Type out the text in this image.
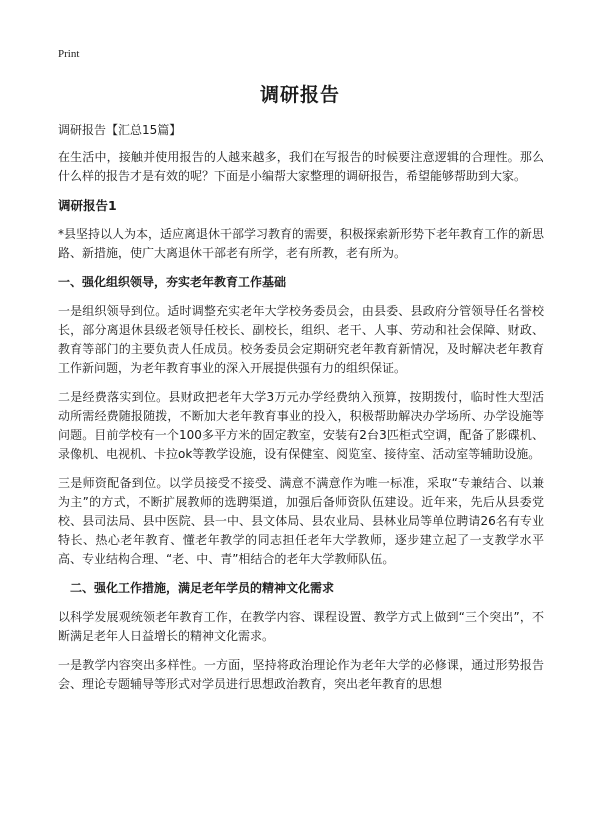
Print
调研报告

调研报告【汇总15篇】

在生活中，接触并使用报告的人越来越多，我们在写报告的时候要注意逻辑的合理性。那么什么样的报告才是有效的呢？下面是小编帮大家整理的调研报告，希望能够帮助到大家。

调研报告1

*县坚持以人为本，适应离退休干部学习教育的需要，积极探索新形势下老年教育工作的新思路、新措施，使广大离退休干部老有所学，老有所教，老有所为。

一、强化组织领导，夯实老年教育工作基础

一是组织领导到位。适时调整充实老年大学校务委员会，由县委、县政府分管领导任名誉校长，部分离退休县级老领导任校长、副校长，组织、老干、人事、劳动和社会保障、财政、教育等部门的主要负责人任成员。校务委员会定期研究老年教育新情况，及时解决老年教育工作新问题，为老年教育事业的深入开展提供强有力的组织保证。

二是经费落实到位。县财政把老年大学3万元办学经费纳入预算，按期拨付，临时性大型活动所需经费随报随拨，不断加大老年教育事业的投入，积极帮助解决办学场所、办学设施等问题。目前学校有一个100多平方米的固定教室，安装有2台3匹柜式空调，配备了影碟机、录像机、电视机、卡拉ok等教学设施，设有保健室、阅览室、接待室、活动室等辅助设施。

三是师资配备到位。以学员接受不接受、满意不满意作为唯一标准，采取“专兼结合、以兼为主”的方式，不断扩展教师的选聘渠道，加强后备师资队伍建设。近年来，先后从县委党校、县司法局、县中医院、县一中、县文体局、县农业局、县林业局等单位聘请26名有专业特长、热心老年教育、懂老年教学的同志担任老年大学教师，逐步建立起了一支教学水平高、专业结构合理、“老、中、青”相结合的老年大学教师队伍。

二、强化工作措施，满足老年学员的精神文化需求

以科学发展观统领老年教育工作，在教学内容、课程设置、教学方式上做到“三个突出”，不断满足老年人日益增长的精神文化需求。

一是教学内容突出多样性。一方面，坚持将政治理论作为老年大学的必修课，通过形势报告会、理论专题辅导等形式对学员进行思想政治教育，突出老年教育的思想
